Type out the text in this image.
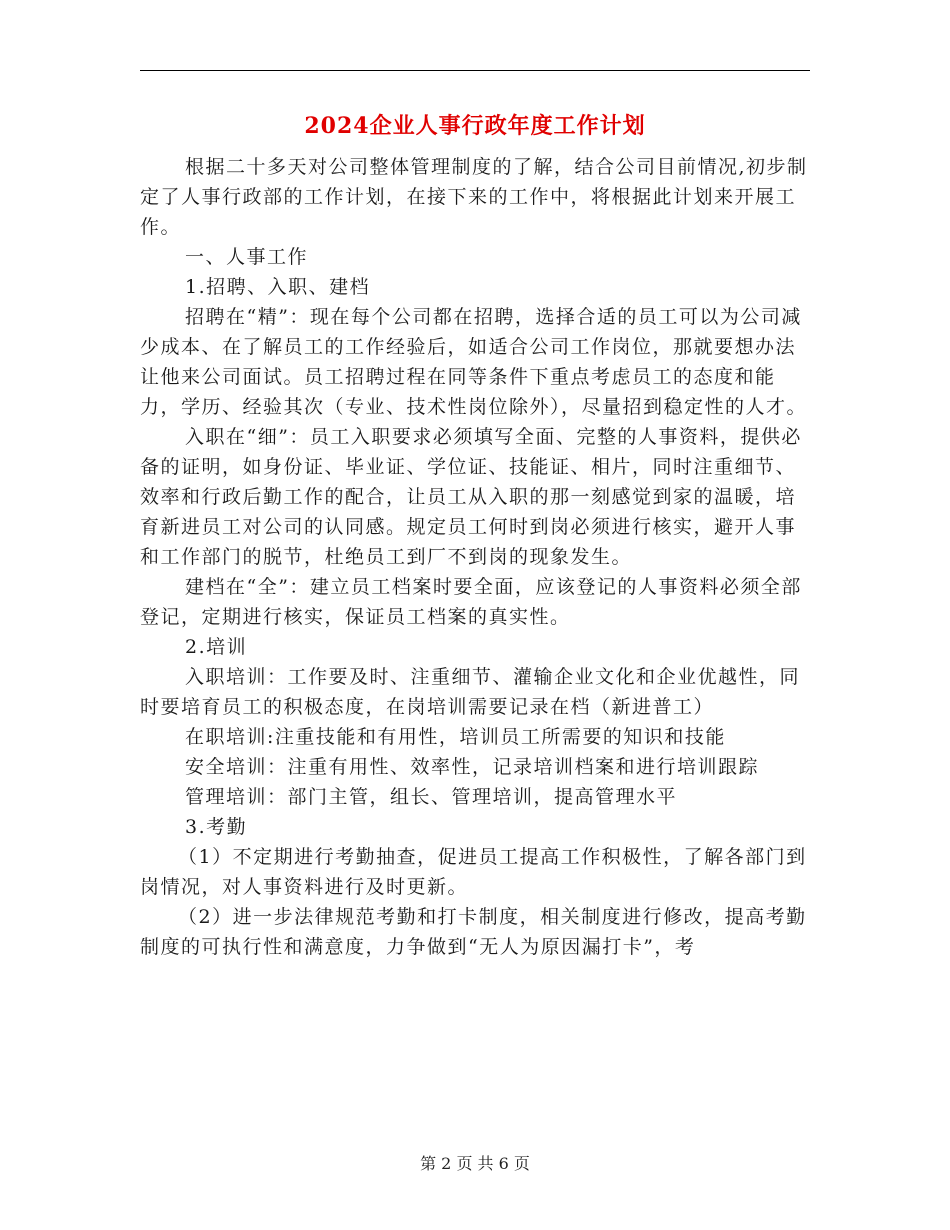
2024企业人事行政年度工作计划

根据二十多天对公司整体管理制度的了解，结合公司目前情况,初步制定了人事行政部的工作计划，在接下来的工作中，将根据此计划来开展工作。

一、人事工作

1.招聘、入职、建档

招聘在“精”：现在每个公司都在招聘，选择合适的员工可以为公司减少成本、在了解员工的工作经验后，如适合公司工作岗位，那就要想办法让他来公司面试。员工招聘过程在同等条件下重点考虑员工的态度和能力，学历、经验其次（专业、技术性岗位除外），尽量招到稳定性的人才。

入职在“细”：员工入职要求必须填写全面、完整的人事资料，提供必备的证明，如身份证、毕业证、学位证、技能证、相片，同时注重细节、效率和行政后勤工作的配合，让员工从入职的那一刻感觉到家的温暖，培育新进员工对公司的认同感。规定员工何时到岗必须进行核实，避开人事和工作部门的脱节，杜绝员工到厂不到岗的现象发生。

建档在“全”：建立员工档案时要全面，应该登记的人事资料必须全部登记，定期进行核实，保证员工档案的真实性。

2.培训

入职培训：工作要及时、注重细节、灌输企业文化和企业优越性，同时要培育员工的积极态度，在岗培训需要记录在档（新进普工）

在职培训:注重技能和有用性，培训员工所需要的知识和技能

安全培训：注重有用性、效率性，记录培训档案和进行培训跟踪

管理培训：部门主管，组长、管理培训，提高管理水平

3.考勤

（1）不定期进行考勤抽查，促进员工提高工作积极性，了解各部门到岗情况，对人事资料进行及时更新。

（2）进一步法律规范考勤和打卡制度，相关制度进行修改，提高考勤制度的可执行性和满意度，力争做到“无人为原因漏打卡”，考

第 2 页 共 6 页
